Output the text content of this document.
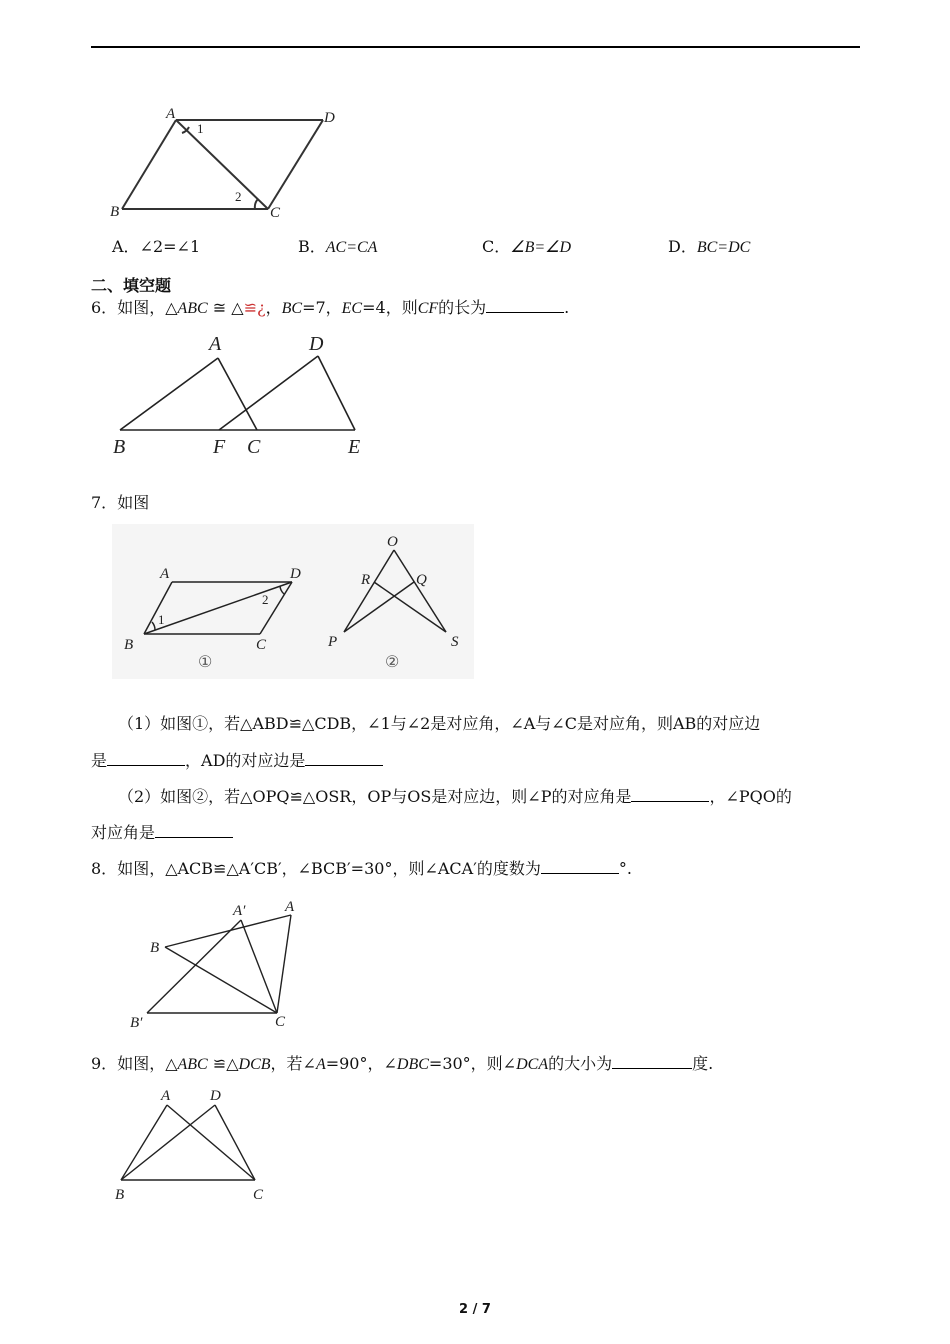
A	D
B	C
1
2
A．∠2=∠1	B．AC=CA	C．∠B=∠D	D．BC=DC
二、填空题
6．如图，△ABC ≅ △≌¿，BC=7，EC=4，则CF的长为	.
A	D
B	F C	E
7．如图
A	D
B	C
1
2
①
O
R	Q
P	S
②
（1）如图①，若△ABD≌△CDB，∠1与∠2是对应角，∠A与∠C是对应角，则AB的对应边
是	，AD的对应边是
（2）如图②，若△OPQ≌△OSR，OP与OS是对应边，则∠P的对应角是	，∠PQO的
对应角是
8．如图，△ACB≌△A′CB′，∠BCB′=30°，则∠ACA′的度数为	°.
A
A′
B
B′	C
9．如图，△ABC ≌△DCB，若∠A=90°，∠DBC=30°，则∠DCA的大小为	度.
A	D
B	C
2 / 7
